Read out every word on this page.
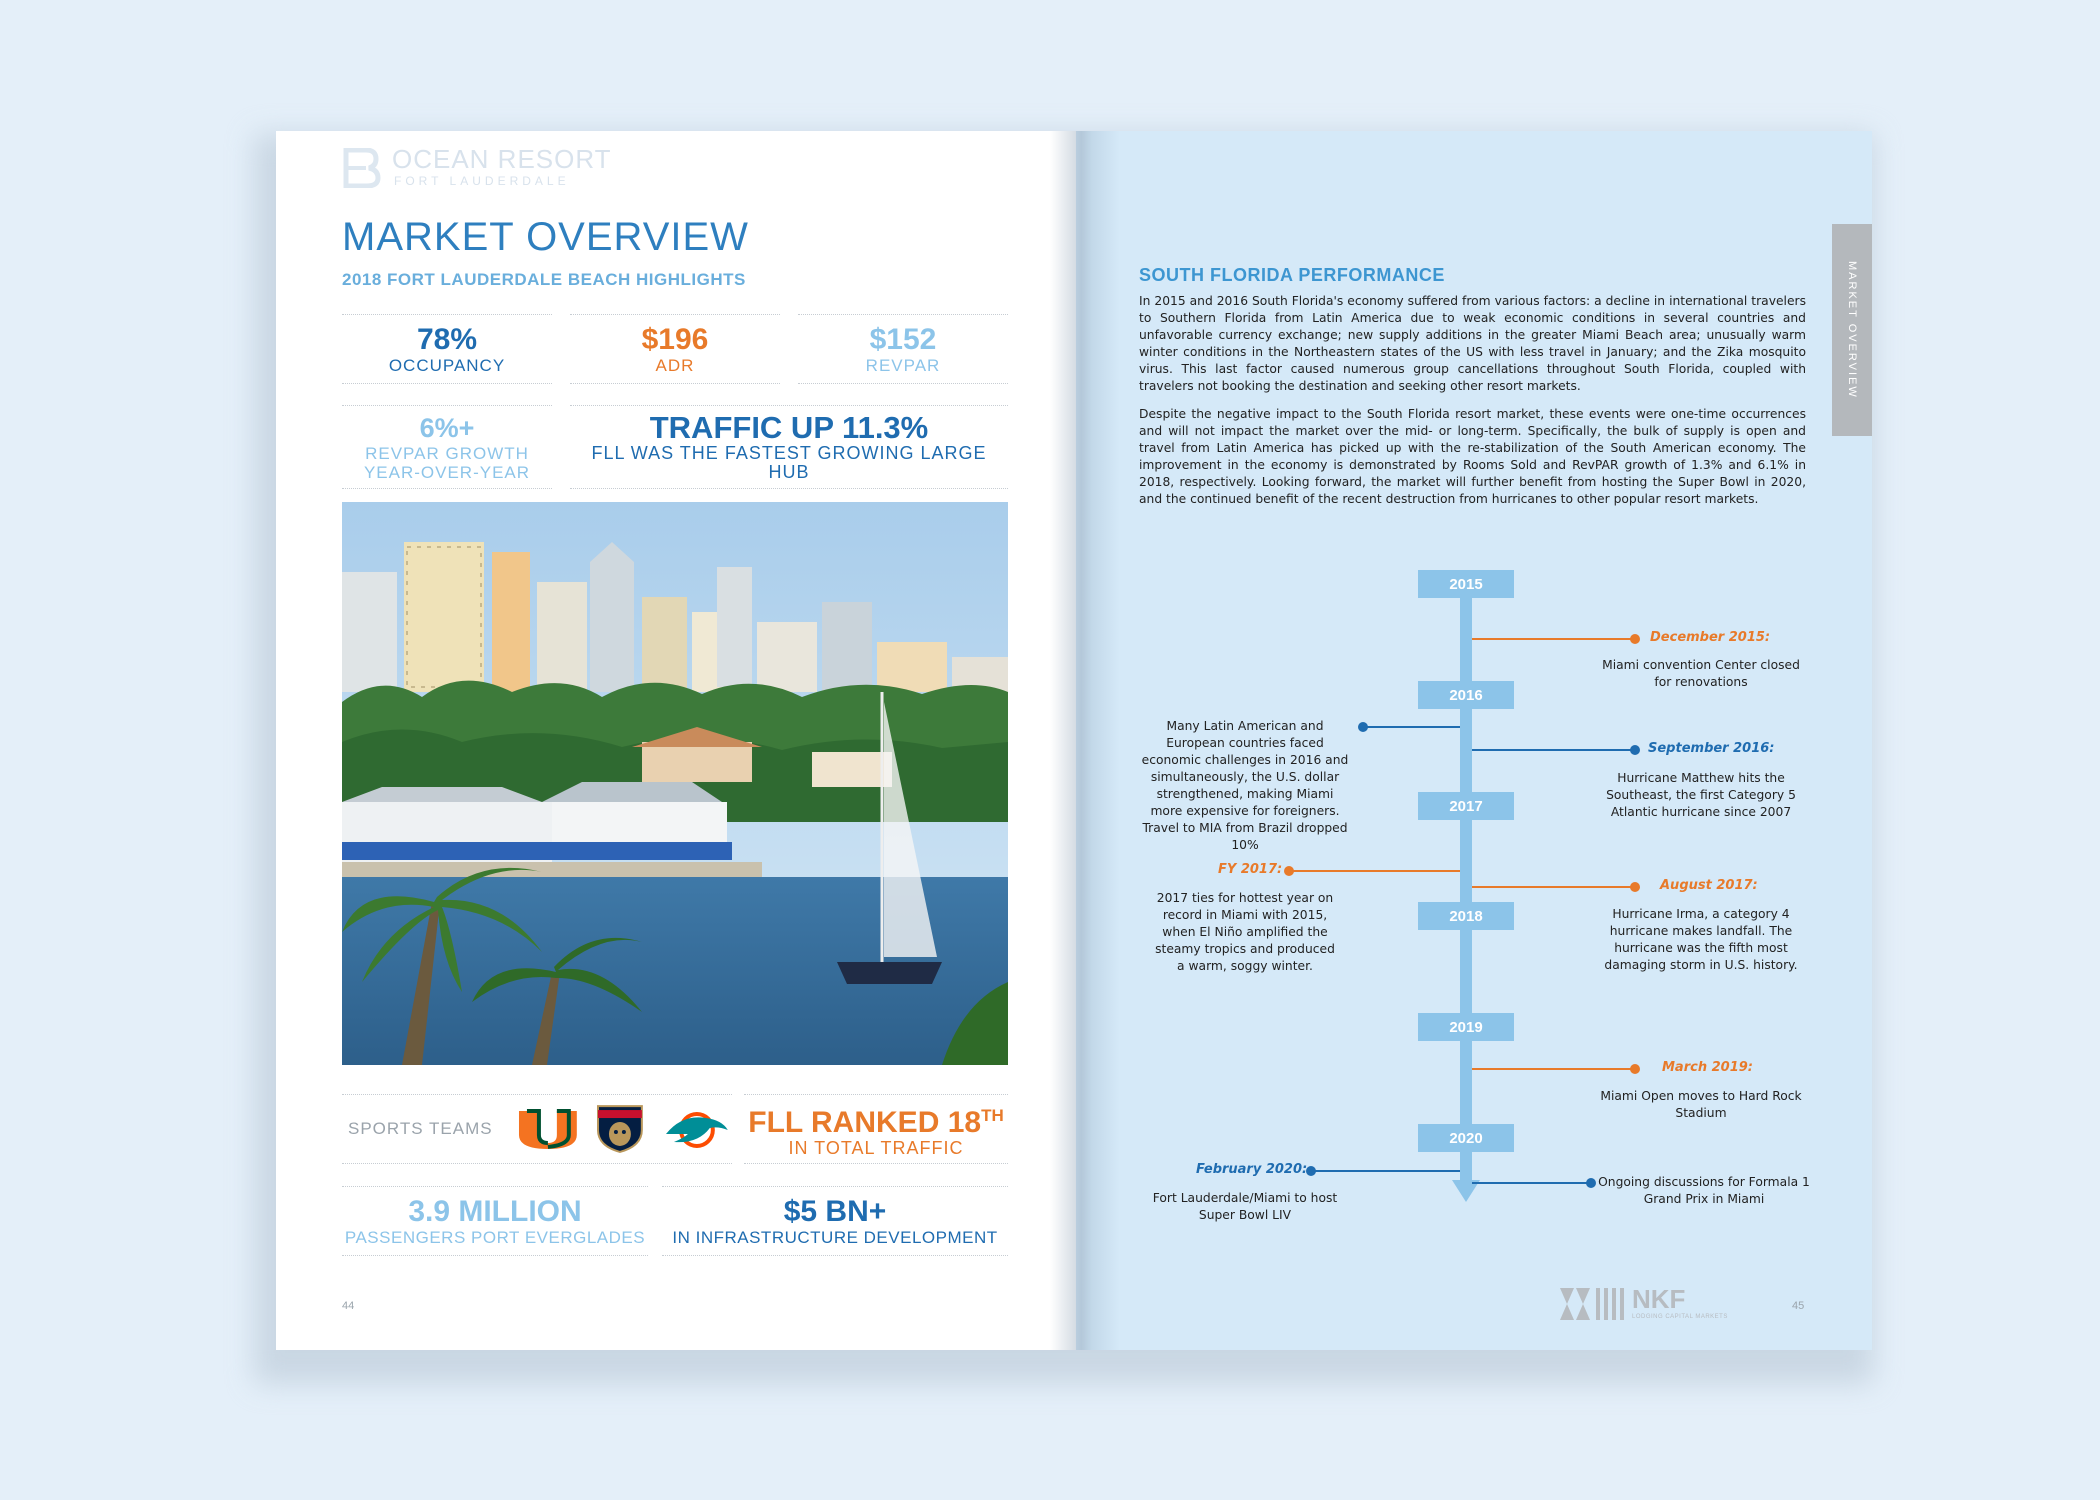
MARKET OVERVIEW
OCEAN RESORT
FORT LAUDERDALE
MARKET OVERVIEW
2018 FORT LAUDERDALE BEACH HIGHLIGHTS
78%
OCCUPANCY
$196
ADR
$152
REVPAR
6%+
REVPAR GROWTH
YEAR-OVER-YEAR
TRAFFIC UP 11.3%
FLL WAS THE FASTEST GROWING LARGE HUB
SPORTS TEAMS	FLL RANKED 18TH
IN TOTAL TRAFFIC
3.9 MILLION
PASSENGERS PORT EVERGLADES
$5 BN+
IN INFRASTRUCTURE DEVELOPMENT
44
SOUTH FLORIDA PERFORMANCE
In 2015 and 2016 South Florida's economy suffered from various factors: a decline in international travelers to Southern Florida from Latin America due to weak economic conditions in several countries and unfavorable currency exchange; new supply additions in the greater Miami Beach area; unusually warm winter conditions in the Northeastern states of the US with less travel in January; and the Zika mosquito virus. This last factor caused numerous group cancellations throughout South Florida, coupled with travelers not booking the destination and seeking other resort markets.
Despite the negative impact to the South Florida resort market, these events were one-time occurrences and will not impact the market over the mid- or long-term. Specifically, the bulk of supply is open and travel from Latin America has picked up with the re-stabilization of the South American economy. The improvement in the economy is demonstrated by Rooms Sold and RevPAR growth of 1.3% and 6.1% in 2018, respectively. Looking forward, the market will further benefit from hosting the Super Bowl in 2020, and the continued benefit of the recent destruction from hurricanes to other popular resort markets.
2015
2016
2017
2018
2019
2020
December 2015:
Miami convention Center closed for renovations
Many Latin American and European countries faced economic challenges in 2016 and simultaneously, the U.S. dollar strengthened, making Miami more expensive for foreigners. Travel to MIA from Brazil dropped 10%
September 2016:
Hurricane Matthew hits the Southeast, the first Category 5 Atlantic hurricane since 2007
FY 2017:
2017 ties for hottest year on record in Miami with 2015, when El Niño amplified the steamy tropics and produced a warm, soggy winter.
August 2017:
Hurricane Irma, a category 4 hurricane makes landfall. The hurricane was the fifth most damaging storm in U.S. history.
March 2019:
Miami Open moves to Hard Rock Stadium
February 2020:
Fort Lauderdale/Miami to host Super Bowl LIV
Ongoing discussions for Formala 1 Grand Prix in Miami
NKF
LODGING CAPITAL MARKETS
45
